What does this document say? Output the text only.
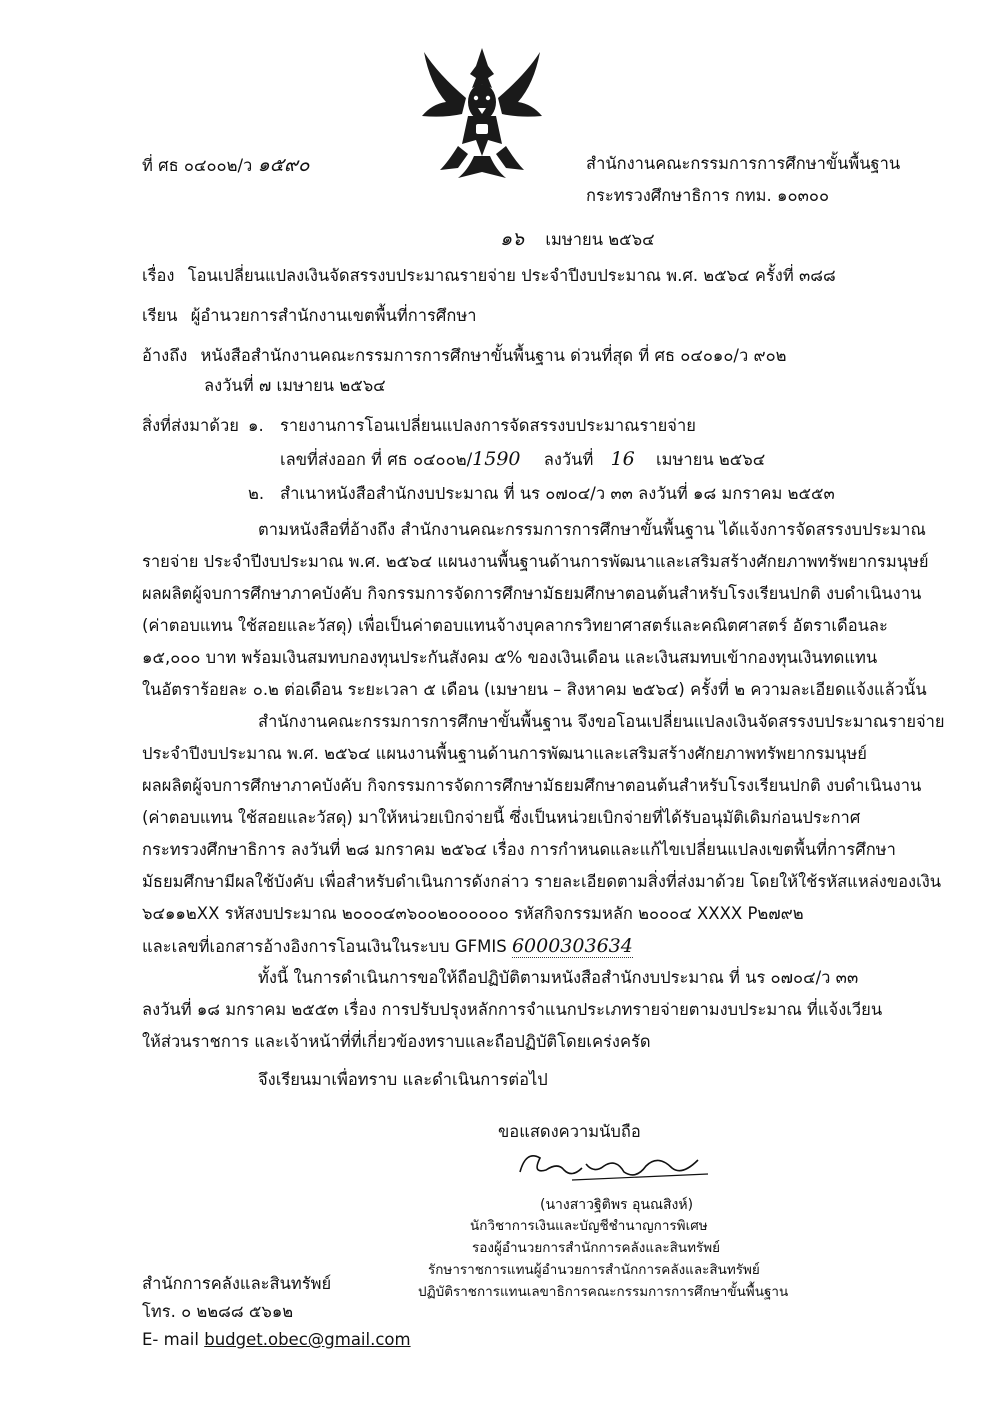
ที่ ศธ ๐๔๐๐๒/ว ๑๕๙๐	สำนักงานคณะกรรมการการศึกษาขั้นพื้นฐาน
กระทรวงศึกษาธิการ กทม. ๑๐๓๐๐
๑๖ เมษายน ๒๕๖๔
เรื่อง โอนเปลี่ยนแปลงเงินจัดสรรงบประมาณรายจ่าย ประจำปีงบประมาณ พ.ศ. ๒๕๖๔ ครั้งที่ ๓๘๘
เรียน ผู้อำนวยการสำนักงานเขตพื้นที่การศึกษา
อ้างถึง หนังสือสำนักงานคณะกรรมการการศึกษาขั้นพื้นฐาน ด่วนที่สุด ที่ ศธ ๐๔๐๑๐/ว ๙๐๒
ลงวันที่ ๗ เมษายน ๒๕๖๔
สิ่งที่ส่งมาด้วย ๑. รายงานการโอนเปลี่ยนแปลงการจัดสรรงบประมาณรายจ่าย
เลขที่ส่งออก ที่ ศธ ๐๔๐๐๒/1590 ลงวันที่ 16 เมษายน ๒๕๖๔
๒. สำเนาหนังสือสำนักงบประมาณ ที่ นร ๐๗๐๔/ว ๓๓ ลงวันที่ ๑๘ มกราคม ๒๕๕๓
ตามหนังสือที่อ้างถึง สำนักงานคณะกรรมการการศึกษาขั้นพื้นฐาน ได้แจ้งการจัดสรรงบประมาณ
รายจ่าย ประจำปีงบประมาณ พ.ศ. ๒๕๖๔ แผนงานพื้นฐานด้านการพัฒนาและเสริมสร้างศักยภาพทรัพยากรมนุษย์
ผลผลิตผู้จบการศึกษาภาคบังคับ กิจกรรมการจัดการศึกษามัธยมศึกษาตอนต้นสำหรับโรงเรียนปกติ งบดำเนินงาน
(ค่าตอบแทน ใช้สอยและวัสดุ) เพื่อเป็นค่าตอบแทนจ้างบุคลากรวิทยาศาสตร์และคณิตศาสตร์ อัตราเดือนละ
๑๕,๐๐๐ บาท พร้อมเงินสมทบกองทุนประกันสังคม ๕% ของเงินเดือน และเงินสมทบเข้ากองทุนเงินทดแทน
ในอัตราร้อยละ ๐.๒ ต่อเดือน ระยะเวลา ๕ เดือน (เมษายน – สิงหาคม ๒๕๖๔) ครั้งที่ ๒ ความละเอียดแจ้งแล้วนั้น
สำนักงานคณะกรรมการการศึกษาขั้นพื้นฐาน จึงขอโอนเปลี่ยนแปลงเงินจัดสรรงบประมาณรายจ่าย
ประจำปีงบประมาณ พ.ศ. ๒๕๖๔ แผนงานพื้นฐานด้านการพัฒนาและเสริมสร้างศักยภาพทรัพยากรมนุษย์
ผลผลิตผู้จบการศึกษาภาคบังคับ กิจกรรมการจัดการศึกษามัธยมศึกษาตอนต้นสำหรับโรงเรียนปกติ งบดำเนินงาน
(ค่าตอบแทน ใช้สอยและวัสดุ) มาให้หน่วยเบิกจ่ายนี้ ซึ่งเป็นหน่วยเบิกจ่ายที่ได้รับอนุมัติเดิมก่อนประกาศ
กระทรวงศึกษาธิการ ลงวันที่ ๒๘ มกราคม ๒๕๖๔ เรื่อง การกำหนดและแก้ไขเปลี่ยนแปลงเขตพื้นที่การศึกษา
มัธยมศึกษามีผลใช้บังคับ เพื่อสำหรับดำเนินการดังกล่าว รายละเอียดตามสิ่งที่ส่งมาด้วย โดยให้ใช้รหัสแหล่งของเงิน
๖๔๑๑๒XX รหัสงบประมาณ ๒๐๐๐๔๓๖๐๐๒๐๐๐๐๐๐ รหัสกิจกรรมหลัก ๒๐๐๐๔ XXXX P๒๗๙๒
และเลขที่เอกสารอ้างอิงการโอนเงินในระบบ GFMIS 6000303634
ทั้งนี้ ในการดำเนินการขอให้ถือปฏิบัติตามหนังสือสำนักงบประมาณ ที่ นร ๐๗๐๔/ว ๓๓
ลงวันที่ ๑๘ มกราคม ๒๕๕๓ เรื่อง การปรับปรุงหลักการจำแนกประเภทรายจ่ายตามงบประมาณ ที่แจ้งเวียน
ให้ส่วนราชการ และเจ้าหน้าที่ที่เกี่ยวข้องทราบและถือปฏิบัติโดยเคร่งครัด
จึงเรียนมาเพื่อทราบ และดำเนินการต่อไป
ขอแสดงความนับถือ
(นางสาวฐิติพร อุนณสิงห์)
นักวิชาการเงินและบัญชีชำนาญการพิเศษ
รองผู้อำนวยการสำนักการคลังและสินทรัพย์
รักษาราชการแทนผู้อำนวยการสำนักการคลังและสินทรัพย์
ปฏิบัติราชการแทนเลขาธิการคณะกรรมการการศึกษาขั้นพื้นฐาน
สำนักการคลังและสินทรัพย์
โทร. ๐ ๒๒๘๘ ๕๖๑๒
E- mail budget.obec@gmail.com
